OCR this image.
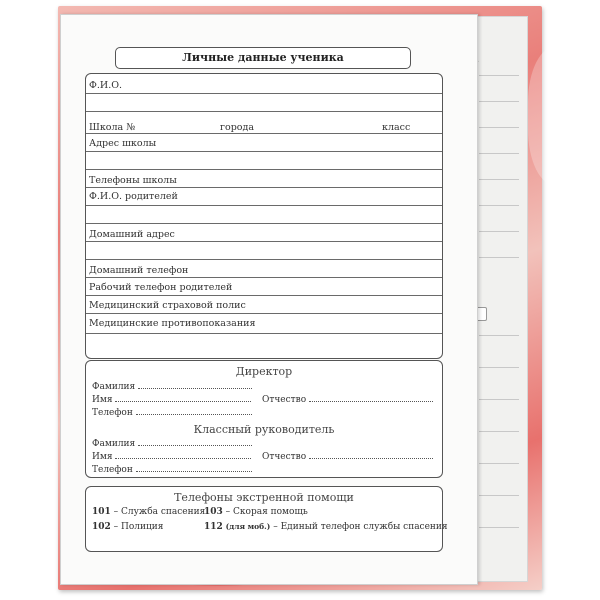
Личные данные ученика
Ф.И.О.
Школа №	города	класс
Адрес школы
Телефоны школы
Ф.И.О. родителей
Домашний адрес
Домашний телефон
Рабочий телефон родителей
Медицинский страховой полис
Медицинские противопоказания
Директор
Фамилия
Имя	Отчество
Телефон
Классный руководитель
Фамилия
Имя	Отчество
Телефон
Телефоны экстренной помощи
101 – Служба спасения
103 – Скорая помощь
102 – Полиция	112 (для моб.) – Единый телефон службы спасения
